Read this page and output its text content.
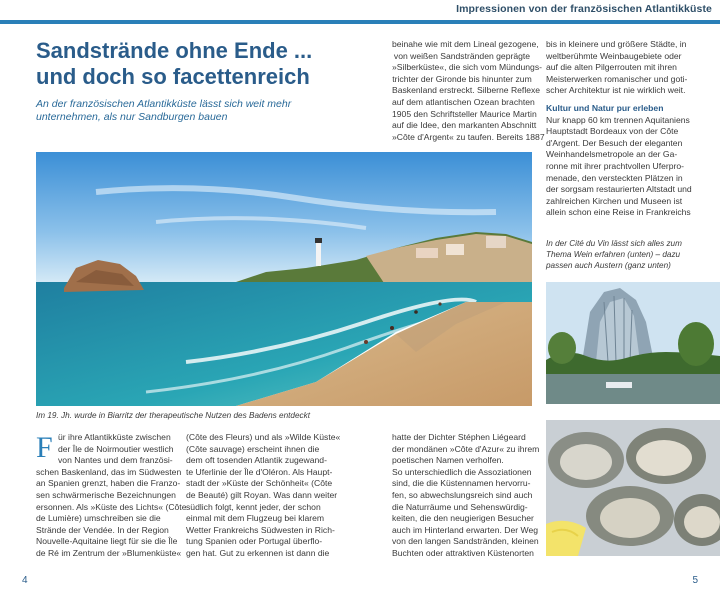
Impressionen von der französischen Atlantikküste
Sandstrände ohne Ende ...
und doch so facettenreich
An der französischen Atlantikküste lässt sich weit mehr
unternehmen, als nur Sandburgen bauen
beinahe wie mit dem Lineal gezogene,
von weißen Sandstränden geprägte
»Silberküste«, die sich vom Mündungs-
trichter der Gironde bis hinunter zum
Baskenland erstreckt. Silberne Reflexe
auf dem atlantischen Ozean brachten
1905 den Schriftsteller Maurice Martin
auf die Idee, den markanten Abschnitt
»Côte d'Argent« zu taufen. Bereits 1887
bis in kleinere und größere Städte, in
weltberühmte Weinbaugebiete oder
auf die alten Pilgerrouten mit ihren
Meisterwerken romanischer und goti-
scher Architektur ist nie wirklich weit.
Kultur und Natur pur erleben
Nur knapp 60 km trennen Aquitaniens
Hauptstadt Bordeaux von der Côte
d'Argent. Der Besuch der eleganten
Weinhandelsmetropole an der Ga-
ronne mit ihrer prachtvollen Uferpro-
menade, den versteckten Plätzen in
der sorgsam restaurierten Altstadt und
zahlreichen Kirchen und Museen ist
allein schon eine Reise in Frankreichs
In der Cité du Vin lässt sich alles zum
Thema Wein erfahren (unten) – dazu
passen auch Austern (ganz unten)
Im 19. Jh. wurde in Biarritz der therapeutische Nutzen des Badens entdeckt
F ür ihre Atlantikküste zwischen
der Île de Noirmoutier westlich
von Nantes und dem französi-
schen Baskenland, das im Südwesten
an Spanien grenzt, haben die Franzo-
sen schwärmerische Bezeichnungen
ersonnen. Als »Küste des Lichts« (Côte
de Lumière) umschreiben sie die
Strände der Vendée. In der Region
Nouvelle-Aquitaine liegt für sie die Île
de Ré im Zentrum der »Blumenküste«
(Côte des Fleurs) und als »Wilde Küste«
(Côte sauvage) erscheint ihnen die
dem oft tosenden Atlantik zugewand-
te Uferlinie der Île d'Oléron. Als Haupt-
stadt der »Küste der Schönheit« (Côte
de Beauté) gilt Royan. Was dann weiter
südlich folgt, kennt jeder, der schon
einmal mit dem Flugzeug bei klarem
Wetter Frankreichs Südwesten in Rich-
tung Spanien oder Portugal überflo-
gen hat. Gut zu erkennen ist dann die
hatte der Dichter Stéphen Liégeard
der mondänen »Côte d'Azur« zu ihrem
poetischen Namen verholfen.
So unterschiedlich die Assoziationen
sind, die die Küstennamen hervorru-
fen, so abwechslungsreich sind auch
die Naturräume und Sehenswürdig-
keiten, die den neugierigen Besucher
auch im Hinterland erwarten. Der Weg
von den langen Sandstränden, kleinen
Buchten oder attraktiven Küstenorten
4	5
